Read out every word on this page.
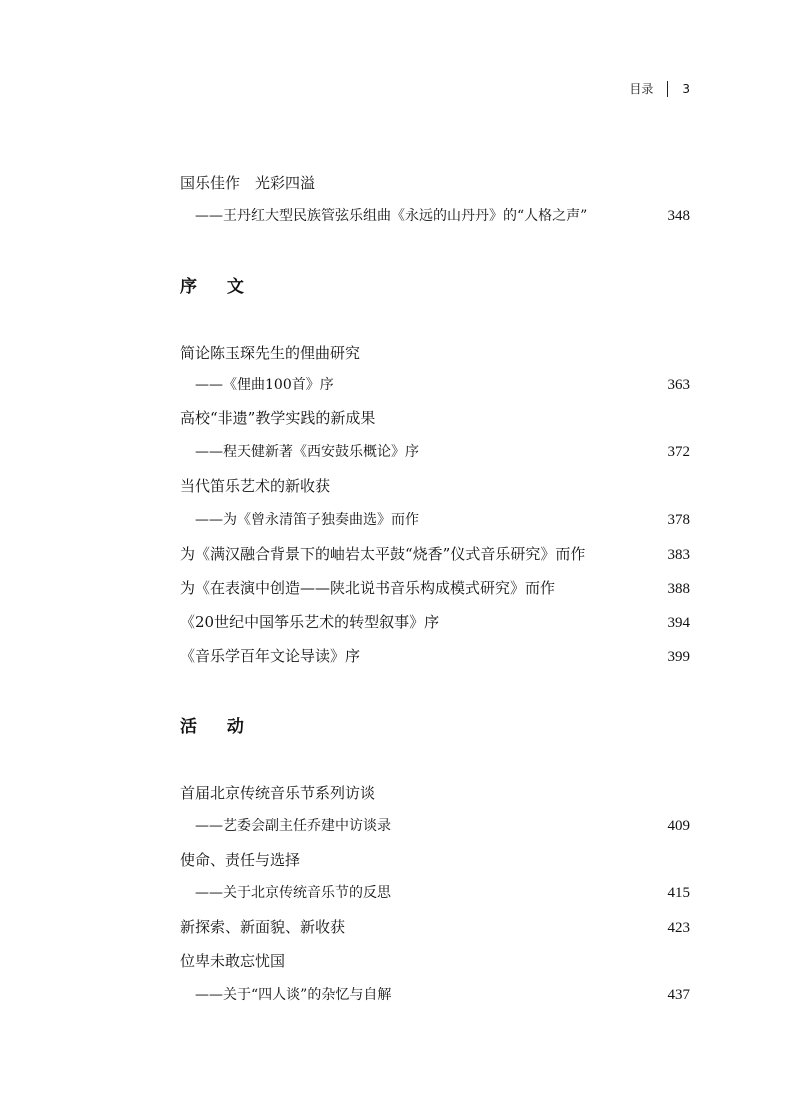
目录 3
国乐佳作　光彩四溢
——王丹红大型民族管弦乐组曲《永远的山丹丹》的“人格之声”	348
序 文
简论陈玉琛先生的俚曲研究
——《俚曲100首》序	363
高校“非遗”教学实践的新成果
——程天健新著《西安鼓乐概论》序	372
当代笛乐艺术的新收获
——为《曾永清笛子独奏曲选》而作	378
为《满汉融合背景下的岫岩太平鼓“烧香”仪式音乐研究》而作	383
为《在表演中创造——陕北说书音乐构成模式研究》而作	388
《20世纪中国筝乐艺术的转型叙事》序	394
《音乐学百年文论导读》序	399
活 动
首届北京传统音乐节系列访谈
——艺委会副主任乔建中访谈录	409
使命、责任与选择
——关于北京传统音乐节的反思	415
新探索、新面貌、新收获	423
位卑未敢忘忧国
——关于“四人谈”的杂忆与自解	437
